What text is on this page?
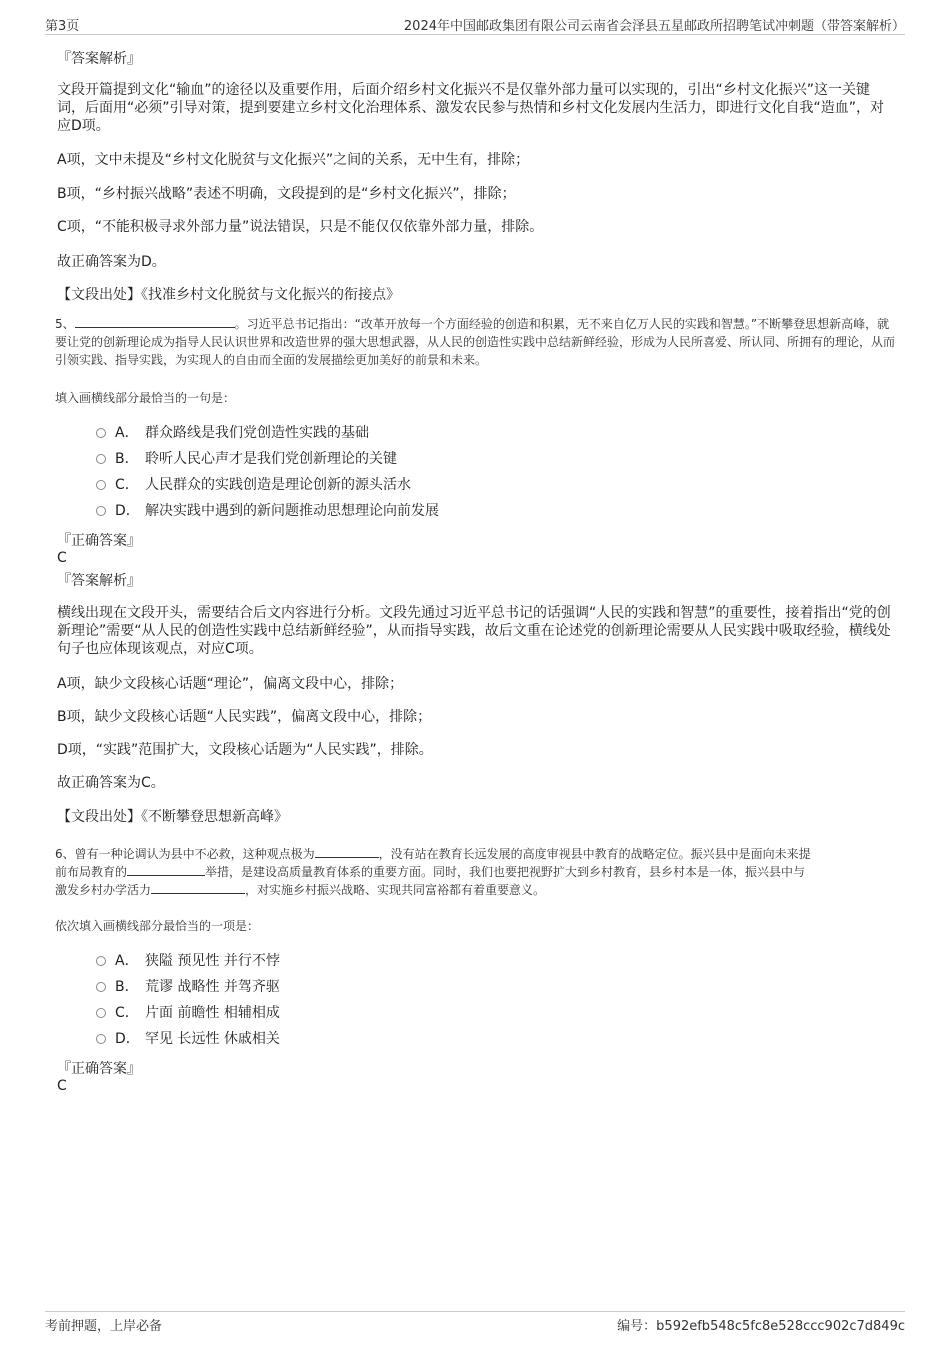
第3页	2024年中国邮政集团有限公司云南省会泽县五星邮政所招聘笔试冲刺题（带答案解析）
『答案解析』
文段开篇提到文化“输血”的途径以及重要作用，后面介绍乡村文化振兴不是仅靠外部力量可以实现的，引出“乡村文化振兴”这一关键词，后面用“必须”引导对策，提到要建立乡村文化治理体系、激发农民参与热情和乡村文化发展内生活力，即进行文化自我“造血”，对应D项。
A项，文中未提及“乡村文化脱贫与文化振兴”之间的关系，无中生有，排除；
B项，“乡村振兴战略”表述不明确，文段提到的是“乡村文化振兴”，排除；
C项，“不能积极寻求外部力量”说法错误，只是不能仅仅依靠外部力量，排除。
故正确答案为D。
【文段出处】《找准乡村文化脱贫与文化振兴的衔接点》
5、	。习近平总书记指出：“改革开放每一个方面经验的创造和积累，无不来自亿万人民的实践和智慧。”不断攀登思想新高峰，就要让党的创新理论成为指导人民认识世界和改造世界的强大思想武器，从人民的创造性实践中总结新鲜经验，形成为人民所喜爱、所认同、所拥有的理论，从而引领实践、指导实践，为实现人的自由而全面的发展描绘更加美好的前景和未来。
填入画横线部分最恰当的一句是：
A． 群众路线是我们党创造性实践的基础
B． 聆听人民心声才是我们党创新理论的关键
C． 人民群众的实践创造是理论创新的源头活水
D． 解决实践中遇到的新问题推动思想理论向前发展
『正确答案』
C
『答案解析』
横线出现在文段开头，需要结合后文内容进行分析。文段先通过习近平总书记的话强调“人民的实践和智慧”的重要性，接着指出“党的创新理论”需要“从人民的创造性实践中总结新鲜经验”，从而指导实践，故后文重在论述党的创新理论需要从人民实践中吸取经验，横线处句子也应体现该观点，对应C项。
A项，缺少文段核心话题“理论”，偏离文段中心，排除；
B项，缺少文段核心话题“人民实践”，偏离文段中心，排除；
D项，“实践”范围扩大，文段核心话题为“人民实践”，排除。
故正确答案为C。
【文段出处】《不断攀登思想新高峰》
6、曾有一种论调认为县中不必救，这种观点极为	，没有站在教育长远发展的高度审视县中教育的战略定位。振兴县中是面向未来提
前布局教育的	举措，是建设高质量教育体系的重要方面。同时，我们也要把视野扩大到乡村教育，县乡村本是一体，振兴县中与
激发乡村办学活力	，对实施乡村振兴战略、实现共同富裕都有着重要意义。
依次填入画横线部分最恰当的一项是：
A． 狭隘 预见性 并行不悖
B． 荒谬 战略性 并驾齐驱
C． 片面 前瞻性 相辅相成
D． 罕见 长远性 休戚相关
『正确答案』
C
考前押题，上岸必备	编号：b592efb548c5fc8e528ccc902c7d849c
